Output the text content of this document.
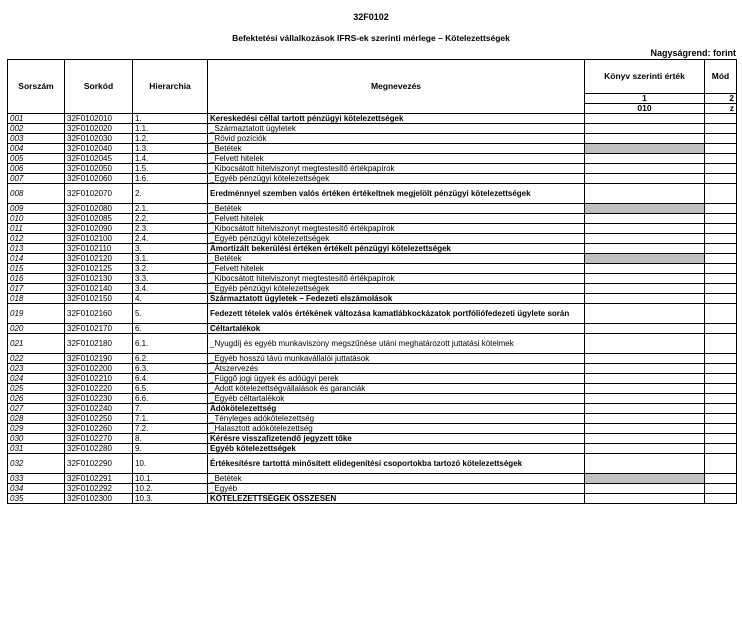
32F0102
Befektetési vállalkozások IFRS-ek szerinti mérlege – Kötelezettségek
Nagyságrend: forint
Sorszám	Sorkód	Hierarchia	Megnevezés	Könyv szerinti érték	Mód
				1	2
				010	z
001	32F0102010	1.	Kereskedési céllal tartott pénzügyi kötelezettségek		
002	32F0102020	1.1.	_Származtatott ügyletek		
003	32F0102030	1.2.	_Rövid pozíciók		
004	32F0102040	1.3.	_Betétek		
005	32F0102045	1.4.	_Felvett hitelek		
006	32F0102050	1.5.	_Kibocsátott hitelviszonyt megtestesítő értékpapírok		
007	32F0102060	1.6.	_Egyéb pénzügyi kötelezettségek		
008	32F0102070	2.	Eredménnyel szemben valós értéken értékeltnek megjelölt pénzügyi kötelezettségek		
009	32F0102080	2.1.	_Betétek		
010	32F0102085	2.2.	_Felvett hitelek		
011	32F0102090	2.3.	_Kibocsátott hitelviszonyt megtestesítő értékpapírok		
012	32F0102100	2.4.	_Egyéb pénzügyi kötelezettségek		
013	32F0102110	3.	Amortizált bekerülési értéken értékelt pénzügyi kötelezettségek		
014	32F0102120	3.1.	_Betétek		
015	32F0102125	3.2.	_Felvett hitelek		
016	32F0102130	3.3.	_Kibocsátott hitelviszonyt megtestesítő értékpapírok		
017	32F0102140	3.4.	_Egyéb pénzügyi kötelezettségek		
018	32F0102150	4.	Származtatott ügyletek – Fedezeti elszámolások		
019	32F0102160	5.	Fedezett tételek valós értékének változása kamatlábkockázatok portfóliófedezeti ügylete során		
020	32F0102170	6.	Céltartalékok		
021	32F0102180	6.1.	_Nyugdíj és egyéb munkaviszony megszűnése utáni meghatározott juttatási kötelmek		
022	32F0102190	6.2.	_Egyéb hosszú távú munkavállalói juttatások		
023	32F0102200	6.3.	_Átszervezés		
024	32F0102210	6.4.	_Függő jogi ügyek és adóügyi perek		
025	32F0102220	6.5.	_Adott kötelezettségvállalások és garanciák		
026	32F0102230	6.6.	_Egyéb céltartalékok		
027	32F0102240	7.	Adókötelezettség		
028	32F0102250	7.1.	_Tényleges adókötelezettség		
029	32F0102260	7.2.	_Halasztott adókötelezettség		
030	32F0102270	8.	Kérésre visszafizetendő jegyzett tőke		
031	32F0102280	9.	Egyéb kötelezettségek		
032	32F0102290	10.	Értékesítésre tartottá minősített elidegenítési csoportokba tartozó kötelezettségek		
033	32F0102291	10.1.	_Betétek		
034	32F0102292	10.2.	_Egyéb		
035	32F0102300	10.3.	KÖTELEZETTSÉGEK ÖSSZESEN		
